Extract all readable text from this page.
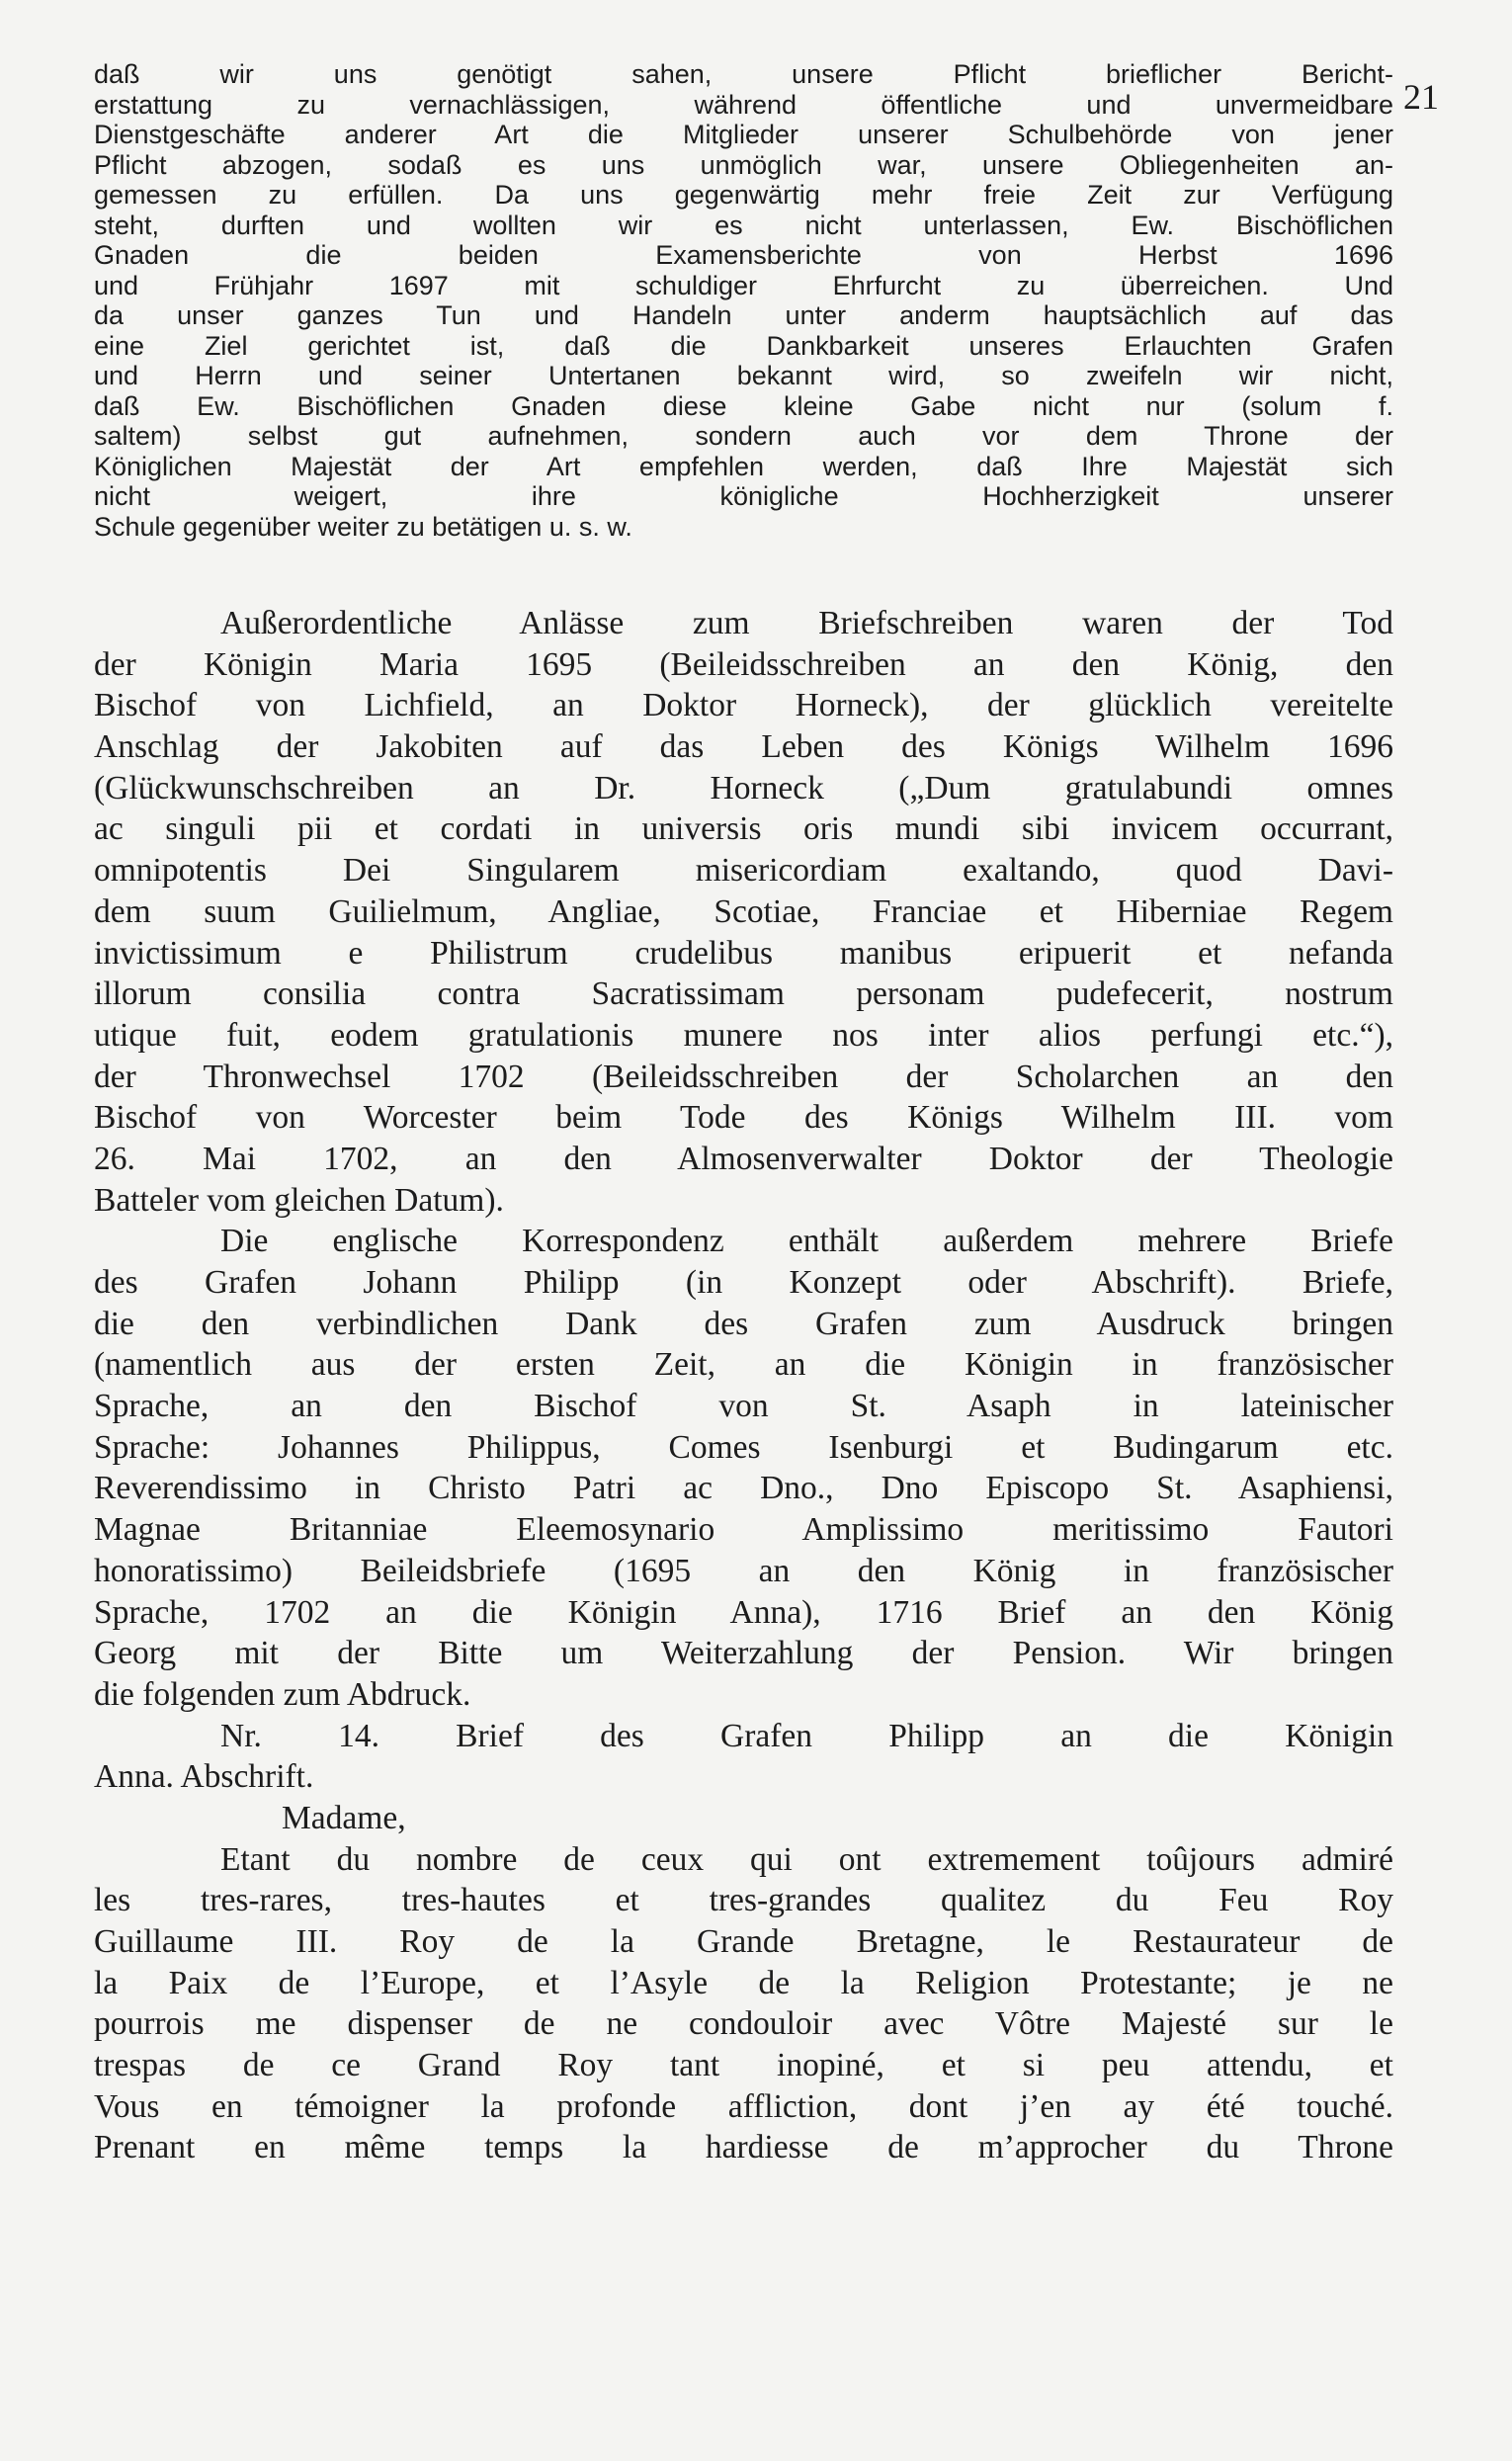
21
daß wir uns genötigt sahen, unsere Pflicht brieflicher Bericht-
erstattung zu vernachlässigen, während öffentliche und unvermeidbare
Dienstgeschäfte anderer Art die Mitglieder unserer Schulbehörde von jener
Pflicht abzogen, sodaß es uns unmöglich war, unsere Obliegenheiten an-
gemessen zu erfüllen. Da uns gegenwärtig mehr freie Zeit zur Verfügung
steht, durften und wollten wir es nicht unterlassen, Ew. Bischöflichen
Gnaden die beiden Examensberichte von Herbst 1696
und Frühjahr 1697 mit schuldiger Ehrfurcht zu überreichen. Und
da unser ganzes Tun und Handeln unter anderm hauptsächlich auf das
eine Ziel gerichtet ist, daß die Dankbarkeit unseres Erlauchten Grafen
und Herrn und seiner Untertanen bekannt wird, so zweifeln wir nicht,
daß Ew. Bischöflichen Gnaden diese kleine Gabe nicht nur (solum f.
saltem) selbst gut aufnehmen, sondern auch vor dem Throne der
Königlichen Majestät der Art empfehlen werden, daß Ihre Majestät sich
nicht weigert, ihre königliche Hochherzigkeit unserer
Schule gegenüber weiter zu betätigen u. s. w.
Außerordentliche Anlässe zum Briefschreiben waren der Tod
der Königin Maria 1695 (Beileidsschreiben an den König, den
Bischof von Lichfield, an Doktor Horneck), der glücklich vereitelte
Anschlag der Jakobiten auf das Leben des Königs Wilhelm 1696
(Glückwunschschreiben an Dr. Horneck („Dum gratulabundi omnes
ac singuli pii et cordati in universis oris mundi sibi invicem occurrant,
omnipotentis Dei Singularem misericordiam exaltando, quod Davi-
dem suum Guilielmum, Angliae, Scotiae, Franciae et Hiberniae Regem
invictissimum e Philistrum crudelibus manibus eripuerit et nefanda
illorum consilia contra Sacratissimam personam pudefecerit, nostrum
utique fuit, eodem gratulationis munere nos inter alios perfungi etc.“),
der Thronwechsel 1702 (Beileidsschreiben der Scholarchen an den
Bischof von Worcester beim Tode des Königs Wilhelm III. vom
26. Mai 1702, an den Almosenverwalter Doktor der Theologie
Batteler vom gleichen Datum).
Die englische Korrespondenz enthält außerdem mehrere Briefe
des Grafen Johann Philipp (in Konzept oder Abschrift). Briefe,
die den verbindlichen Dank des Grafen zum Ausdruck bringen
(namentlich aus der ersten Zeit, an die Königin in französischer
Sprache, an den Bischof von St. Asaph in lateinischer
Sprache: Johannes Philippus, Comes Isenburgi et Budingarum etc.
Reverendissimo in Christo Patri ac Dno., Dno Episcopo St. Asaphiensi,
Magnae Britanniae Eleemosynario Amplissimo meritissimo Fautori
honoratissimo) Beileidsbriefe (1695 an den König in französischer
Sprache, 1702 an die Königin Anna), 1716 Brief an den König
Georg mit der Bitte um Weiterzahlung der Pension. Wir bringen
die folgenden zum Abdruck.
Nr. 14. Brief des Grafen Philipp an die Königin
Anna. Abschrift.
Madame,
Etant du nombre de ceux qui ont extremement toûjours admiré
les tres-rares, tres-hautes et tres-grandes qualitez du Feu Roy
Guillaume III. Roy de la Grande Bretagne, le Restaurateur de
la Paix de l’Europe, et l’Asyle de la Religion Protestante; je ne
pourrois me dispenser de ne condouloir avec Vôtre Majesté sur le
trespas de ce Grand Roy tant inopiné, et si peu attendu, et
Vous en témoigner la profonde affliction, dont j’en ay été touché.
Prenant en même temps la hardiesse de m’approcher du Throne
